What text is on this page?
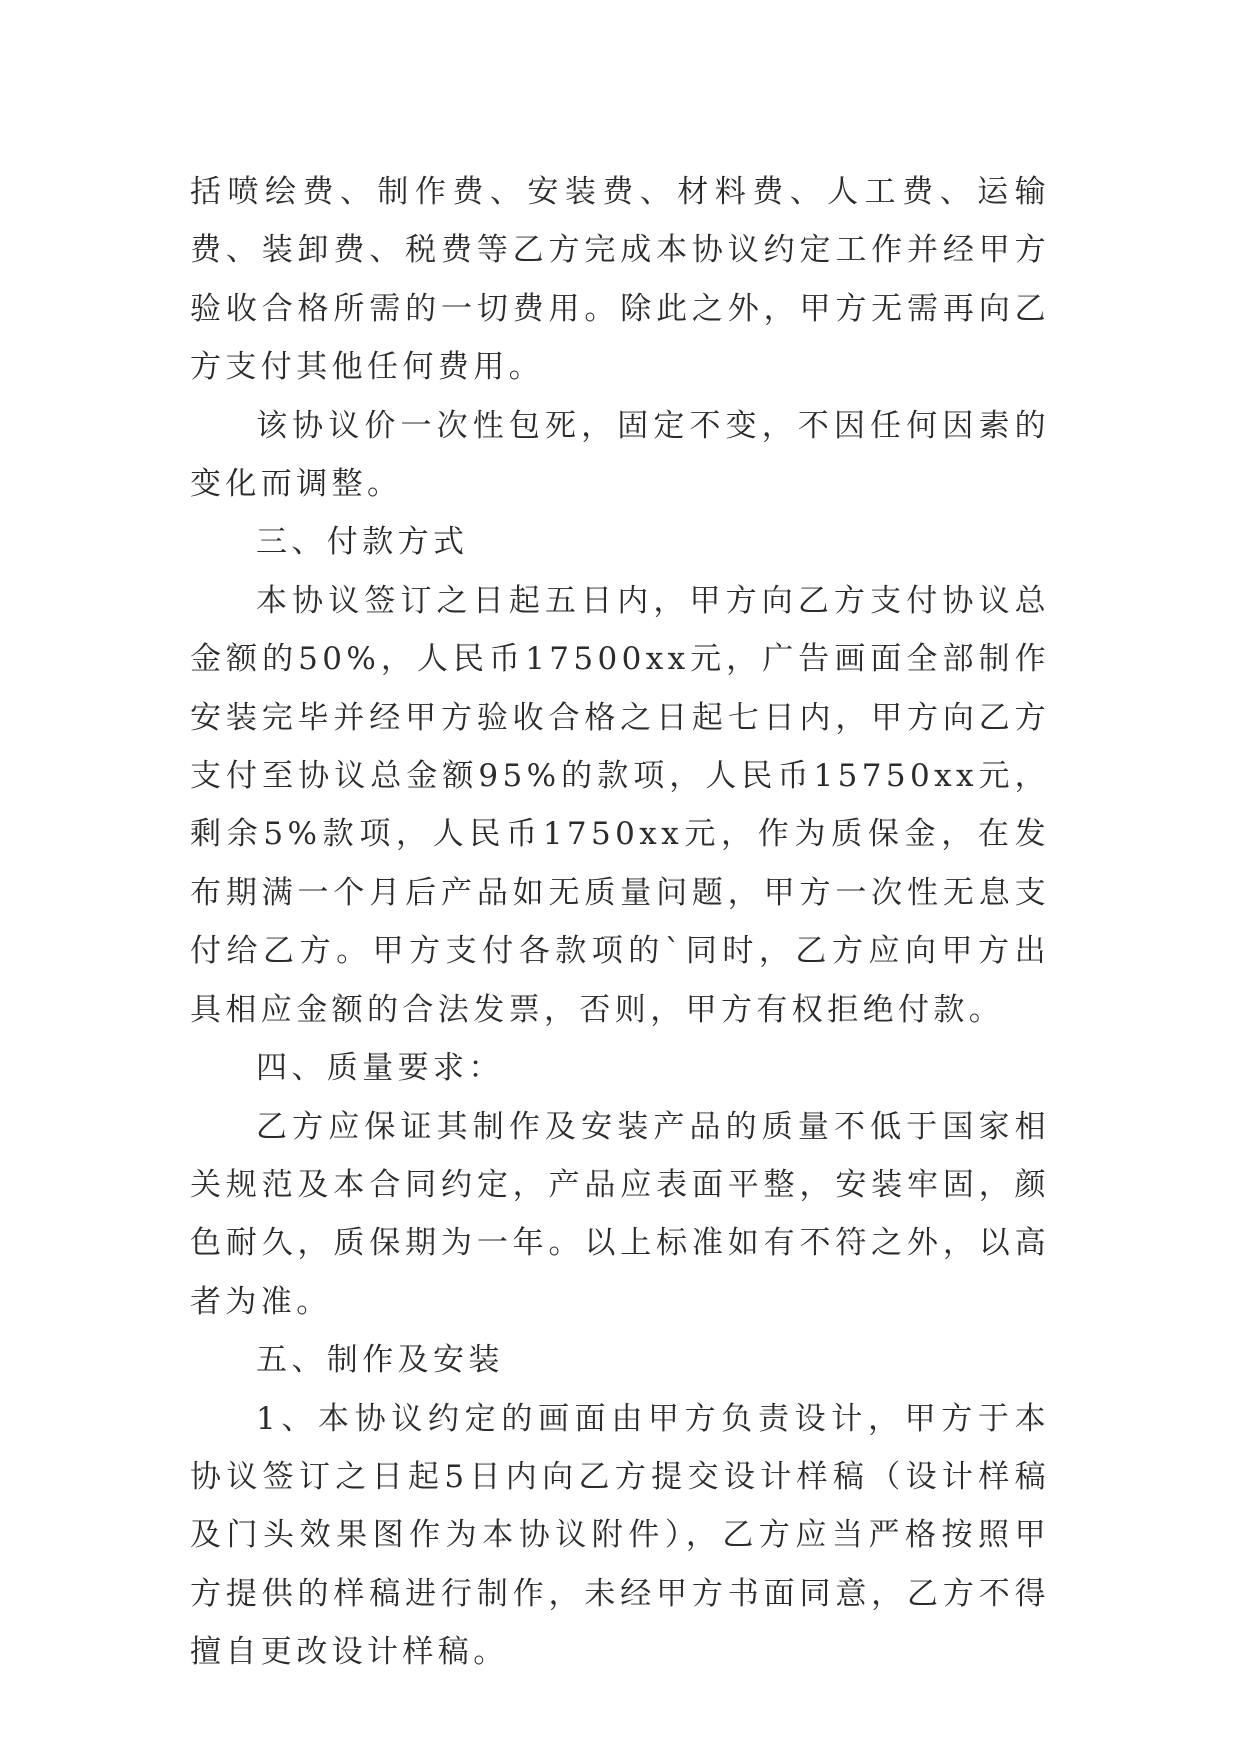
括喷绘费、制作费、安装费、材料费、人工费、运输费、装卸费、税费等乙方完成本协议约定工作并经甲方验收合格所需的一切费用。除此之外，甲方无需再向乙方支付其他任何费用。

该协议价一次性包死，固定不变，不因任何因素的变化而调整。

三、付款方式

本协议签订之日起五日内，甲方向乙方支付协议总金额的50%，人民币17500xx元，广告画面全部制作安装完毕并经甲方验收合格之日起七日内，甲方向乙方支付至协议总金额95%的款项，人民币15750xx元，剩余5%款项，人民币1750xx元，作为质保金，在发布期满一个月后产品如无质量问题，甲方一次性无息支付给乙方。甲方支付各款项的`同时，乙方应向甲方出具相应金额的合法发票，否则，甲方有权拒绝付款。

四、质量要求：

乙方应保证其制作及安装产品的质量不低于国家相关规范及本合同约定，产品应表面平整，安装牢固，颜色耐久，质保期为一年。以上标准如有不符之外，以高者为准。

五、制作及安装

1、本协议约定的画面由甲方负责设计，甲方于本协议签订之日起5日内向乙方提交设计样稿（设计样稿及门头效果图作为本协议附件），乙方应当严格按照甲方提供的样稿进行制作，未经甲方书面同意，乙方不得擅自更改设计样稿。
